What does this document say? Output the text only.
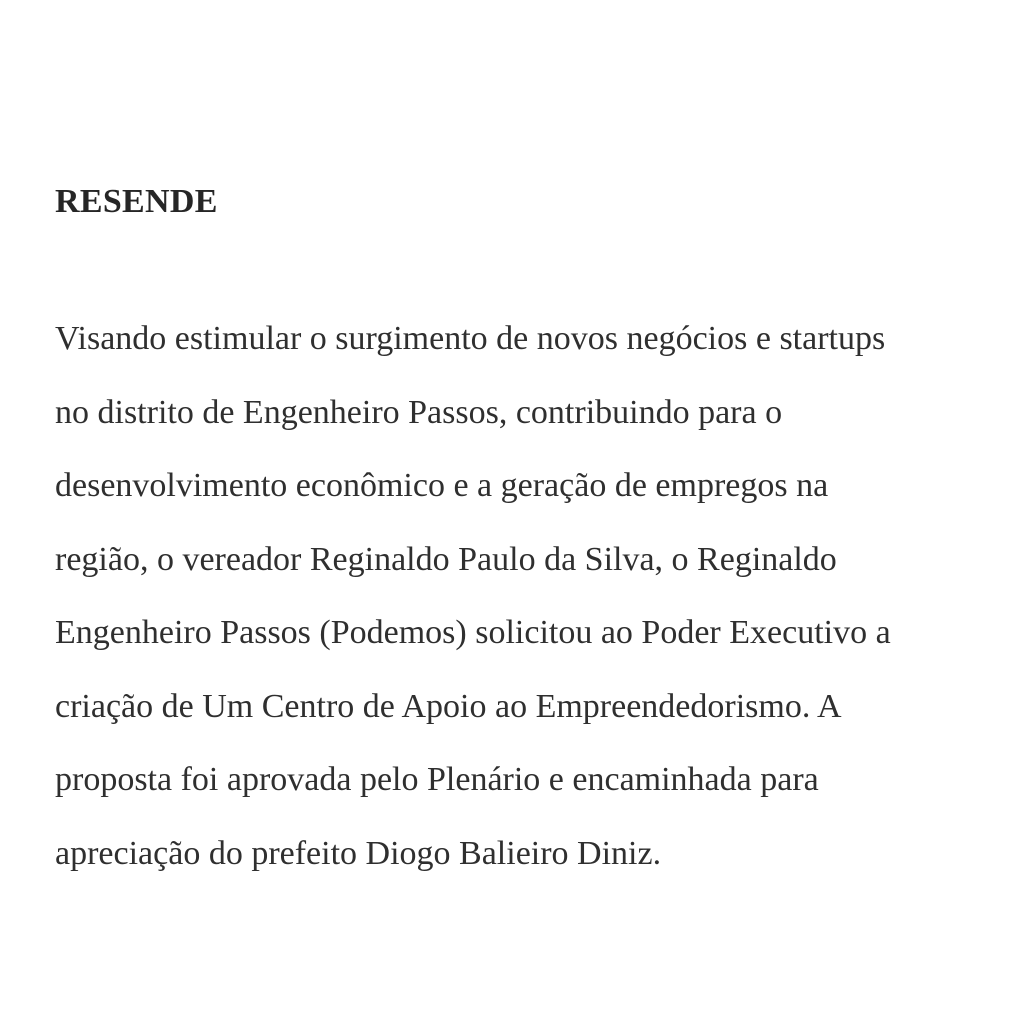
RESENDE
Visando estimular o surgimento de novos negócios e startups
no distrito de Engenheiro Passos, contribuindo para o
desenvolvimento econômico e a geração de empregos na
região, o vereador Reginaldo Paulo da Silva, o Reginaldo
Engenheiro Passos (Podemos) solicitou ao Poder Executivo a
criação de Um Centro de Apoio ao Empreendedorismo. A
proposta foi aprovada pelo Plenário e encaminhada para
apreciação do prefeito Diogo Balieiro Diniz.
